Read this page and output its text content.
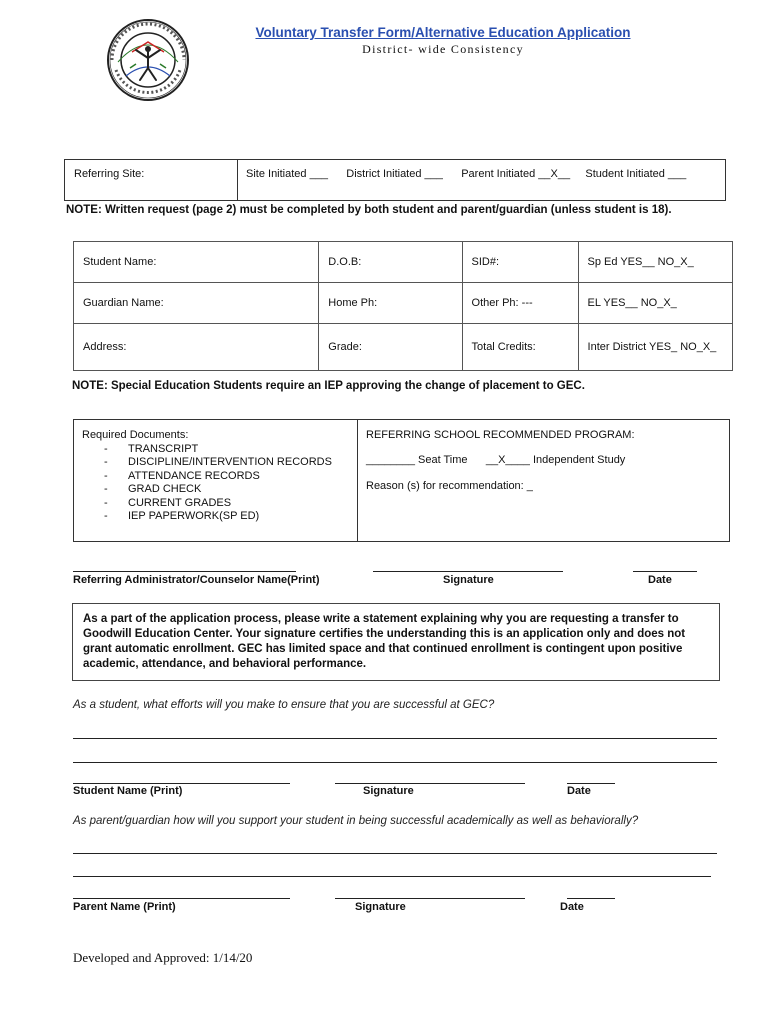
Voluntary Transfer Form/Alternative Education Application
District- wide Consistency
Referring Site:	Site Initiated ___      District Initiated ___      Parent Initiated __X__     Student Initiated ___
NOTE: Written request (page 2) must be completed by both student and parent/guardian (unless student is 18).
Student Name:	D.O.B:	SID#:	Sp Ed YES__ NO_X_
Guardian Name:	Home Ph:	Other Ph: ---	EL YES__ NO_X_
Address:	Grade:	Total Credits:	Inter District YES_ NO_X_
NOTE: Special Education Students require an IEP approving the change of placement to GEC.
Required Documents:
- TRANSCRIPT
- DISCIPLINE/INTERVENTION RECORDS
- ATTENDANCE RECORDS
- GRAD CHECK
- CURRENT GRADES
- IEP PAPERWORK(SP ED)
REFERRING SCHOOL RECOMMENDED PROGRAM:
________ Seat Time      __X____ Independent Study
Reason (s) for recommendation: _
Referring Administrator/Counselor Name(Print)	Signature	Date
As a part of the application process, please write a statement explaining why you are requesting a transfer to Goodwill Education Center. Your signature certifies the understanding this is an application only and does not grant automatic enrollment. GEC has limited space and that continued enrollment is contingent upon positive academic, attendance, and behavioral performance.
As a student, what efforts will you make to ensure that you are successful at GEC?
Student Name (Print)	Signature	Date
As parent/guardian how will you support your student in being successful academically as well as behaviorally?
Parent Name (Print)	Signature	Date
Developed and Approved: 1/14/20
